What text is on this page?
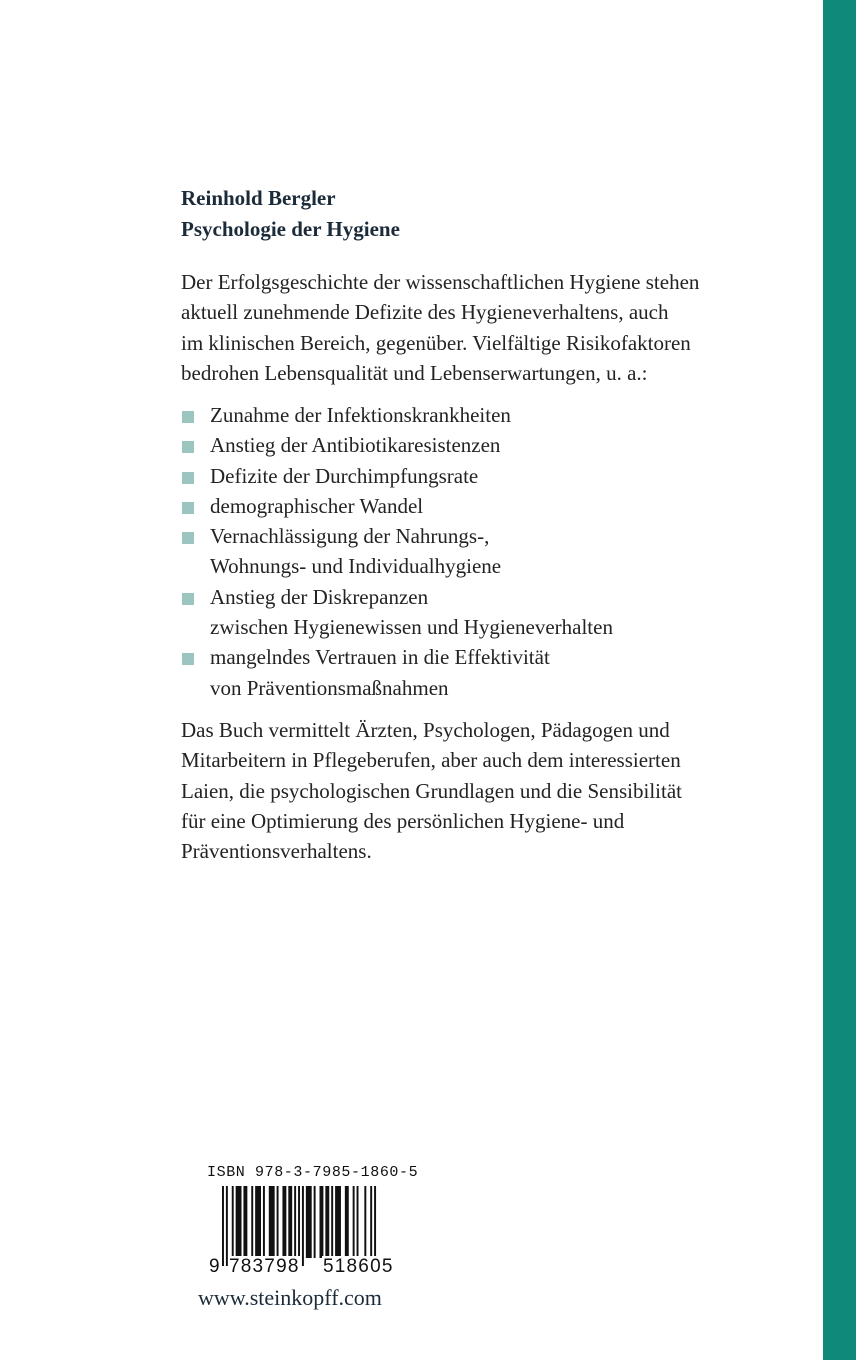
Reinhold Bergler
Psychologie der Hygiene
Der Erfolgsgeschichte der wissenschaftlichen Hygiene stehen
aktuell zunehmende Defizite des Hygieneverhaltens, auch
im klinischen Bereich, gegenüber. Vielfältige Risikofaktoren
bedrohen Lebensqualität und Lebenserwartungen, u. a.:
Zunahme der Infektionskrankheiten
Anstieg der Antibiotikaresistenzen
Defizite der Durchimpfungsrate
demographischer Wandel
Vernachlässigung der Nahrungs-,
Wohnungs- und Individualhygiene
Anstieg der Diskrepanzen
zwischen Hygienewissen und Hygieneverhalten
mangelndes Vertrauen in die Effektivität
von Präventionsmaßnahmen
Das Buch vermittelt Ärzten, Psychologen, Pädagogen und
Mitarbeitern in Pflegeberufen, aber auch dem interessierten
Laien, die psychologischen Grundlagen und die Sensibilität
für eine Optimierung des persönlichen Hygiene- und
Präventionsverhaltens.
ISBN 978-3-7985-1860-5
9 783798 518605
www.steinkopff.com
